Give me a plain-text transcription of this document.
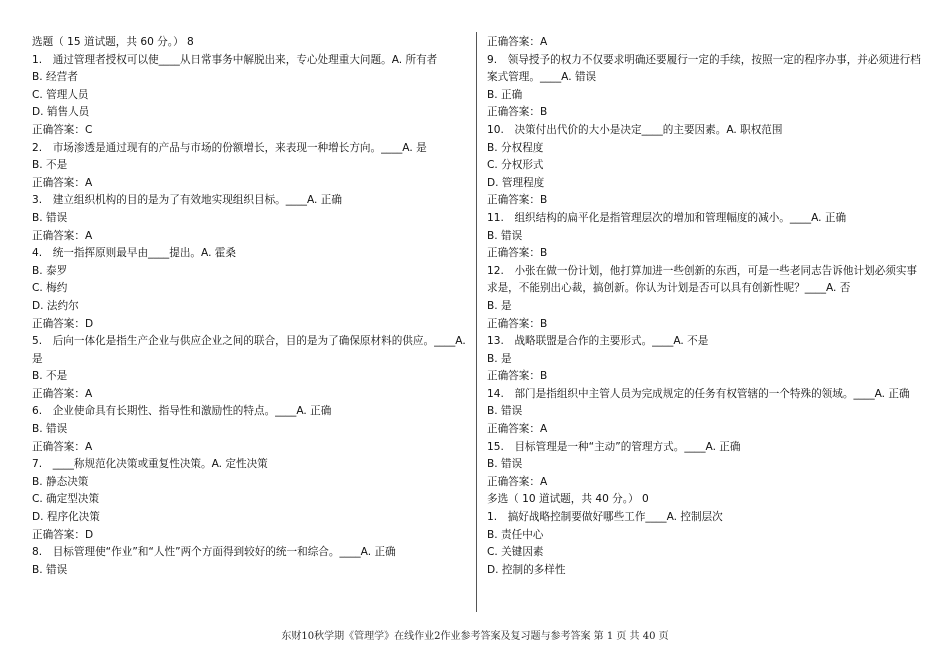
选题（ 15 道试题，共 60 分。） 8
1.　通过管理者授权可以使____从日常事务中解脱出来，专心处理重大问题。A. 所有者
B. 经营者
C. 管理人员
D. 销售人员
正确答案：C
2.　市场渗透是通过现有的产品与市场的份额增长，来表现一种增长方向。____A. 是
B. 不是
正确答案：A
3.　建立组织机构的目的是为了有效地实现组织目标。____A. 正确
B. 错误
正确答案：A
4.　统一指挥原则最早由____提出。A. 霍桑
B. 泰罗
C. 梅约
D. 法约尔
正确答案：D
5.　后向一体化是指生产企业与供应企业之间的联合，目的是为了确保原材料的供应。____A. 是
B. 不是
正确答案：A
6.　企业使命具有长期性、指导性和激励性的特点。____A. 正确
B. 错误
正确答案：A
7.　____称规范化决策或重复性决策。A. 定性决策
B. 静态决策
C. 确定型决策
D. 程序化决策
正确答案：D
8.　目标管理使“作业”和“人性”两个方面得到较好的统一和综合。____A. 正确
B. 错误
正确答案：A
9.　领导授予的权力不仅要求明确还要履行一定的手续，按照一定的程序办事，并必须进行档案式管理。____A. 错误
B. 正确
正确答案：B
10.　决策付出代价的大小是决定____的主要因素。A. 职权范围
B. 分权程度
C. 分权形式
D. 管理程度
正确答案：B
11.　组织结构的扁平化是指管理层次的增加和管理幅度的减小。____A. 正确
B. 错误
正确答案：B
12.　小张在做一份计划，他打算加进一些创新的东西，可是一些老同志告诉他计划必须实事求是，不能别出心裁，搞创新。你认为计划是否可以具有创新性呢？____A. 否
B. 是
正确答案：B
13.　战略联盟是合作的主要形式。____A. 不是
B. 是
正确答案：B
14.　部门是指组织中主管人员为完成规定的任务有权管辖的一个特殊的领域。____A. 正确
B. 错误
正确答案：A
15.　目标管理是一种“主动”的管理方式。____A. 正确
B. 错误
正确答案：A
多选（ 10 道试题，共 40 分。） 0
1.　搞好战略控制要做好哪些工作____A. 控制层次
B. 责任中心
C. 关键因素
D. 控制的多样性
东财10秋学期《管理学》在线作业2作业参考答案及复习题与参考答案 第 1 页 共 40 页
